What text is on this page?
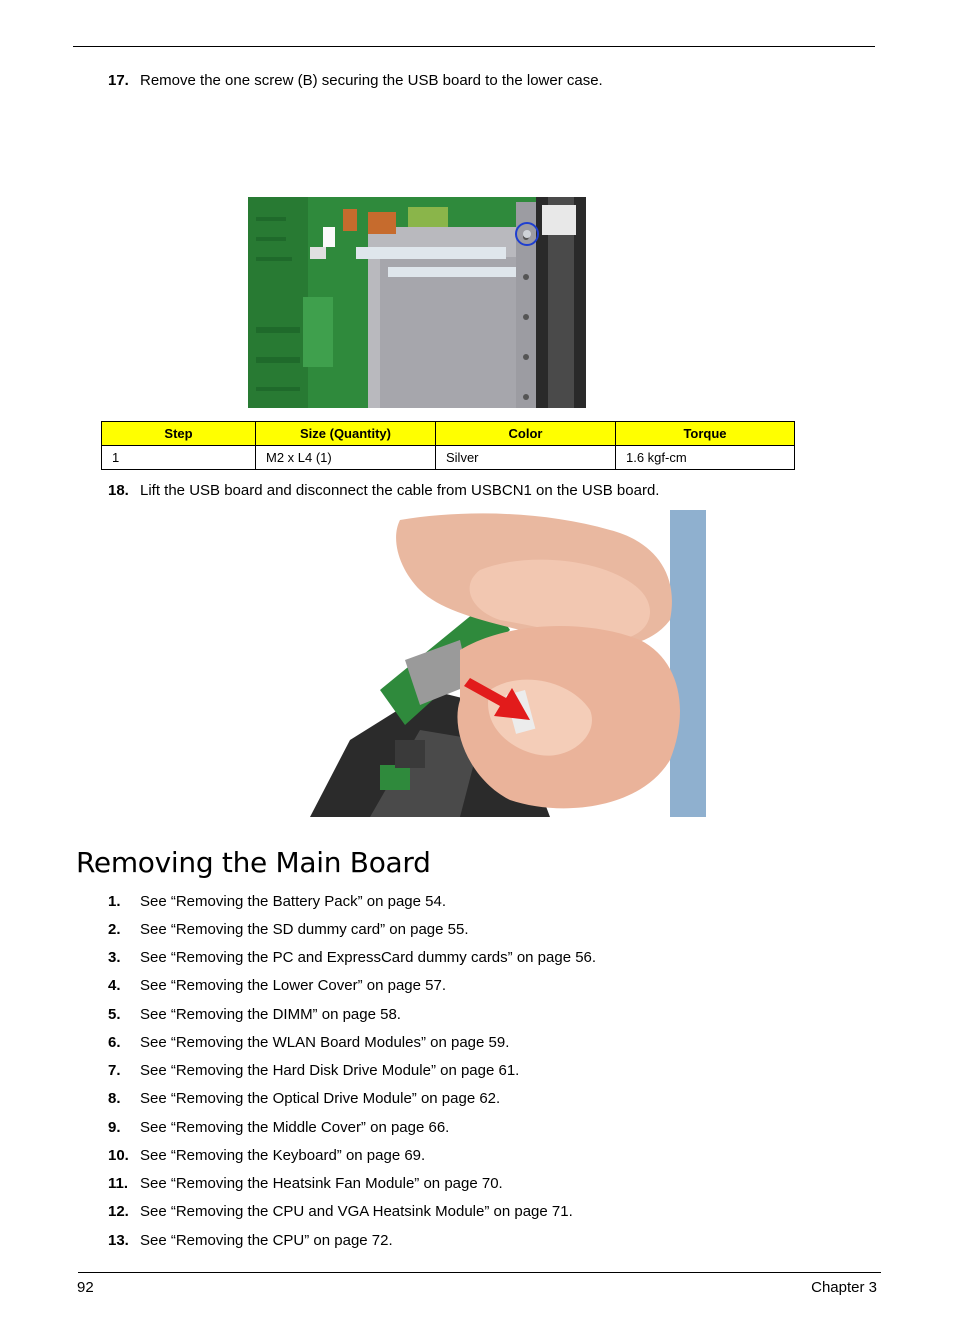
17. Remove the one screw (B) securing the USB board to the lower case.
Step	Size (Quantity)	Color	Torque
1	M2 x L4 (1)	Silver	1.6 kgf-cm
18. Lift the USB board and disconnect the cable from USBCN1 on the USB board.
Removing the Main Board
1. See “Removing the Battery Pack” on page 54.
2. See “Removing the SD dummy card” on page 55.
3. See “Removing the PC and ExpressCard dummy cards” on page 56.
4. See “Removing the Lower Cover” on page 57.
5. See “Removing the DIMM” on page 58.
6. See “Removing the WLAN Board Modules” on page 59.
7. See “Removing the Hard Disk Drive Module” on page 61.
8. See “Removing the Optical Drive Module” on page 62.
9. See “Removing the Middle Cover” on page 66.
10. See “Removing the Keyboard” on page 69.
11. See “Removing the Heatsink Fan Module” on page 70.
12. See “Removing the CPU and VGA Heatsink Module” on page 71.
13. See “Removing the CPU” on page 72.
92	Chapter 3
